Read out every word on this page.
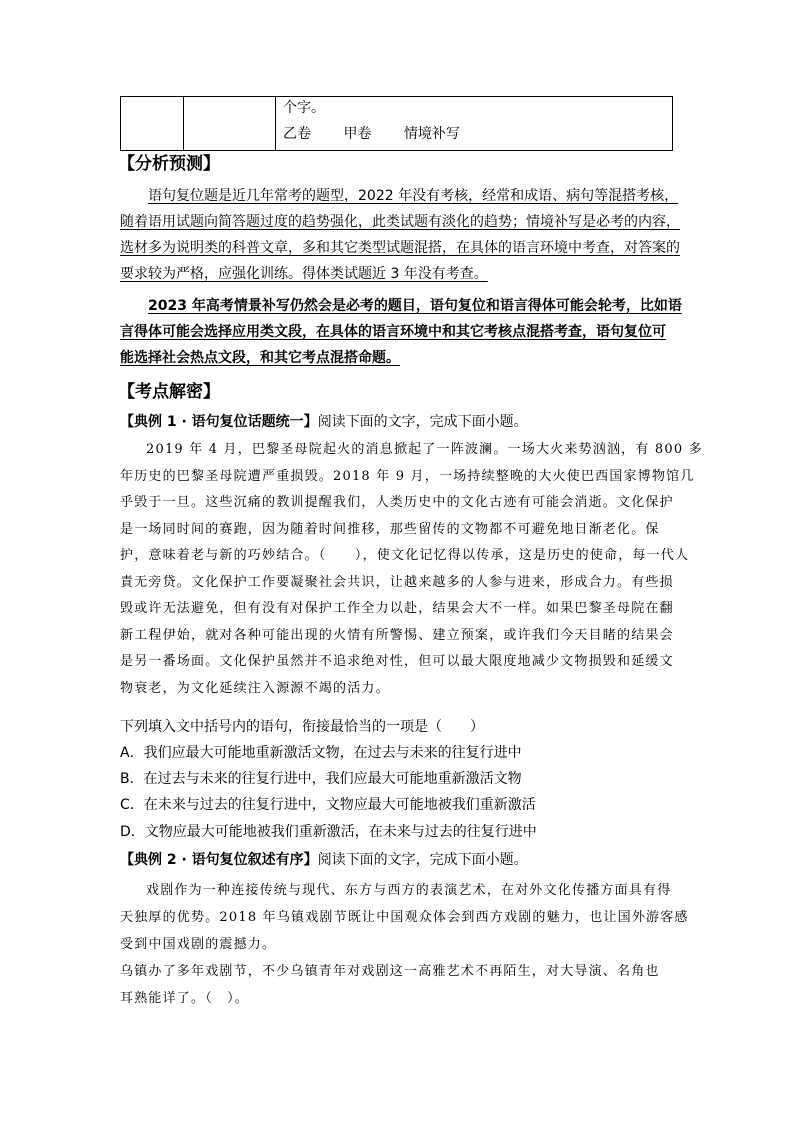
个字。
乙卷 甲卷 情境补写
【分析预测】
语句复位题是近几年常考的题型，2022 年没有考核，经常和成语、病句等混搭考核，
随着语用试题向简答题过度的趋势强化，此类试题有淡化的趋势；情境补写是必考的内容，
选材多为说明类的科普文章，多和其它类型试题混搭，在具体的语言环境中考查，对答案的
要求较为严格，应强化训练。得体类试题近 3 年没有考查。
2023 年高考情景补写仍然会是必考的题目，语句复位和语言得体可能会轮考，比如语
言得体可能会选择应用类文段，在具体的语言环境中和其它考核点混搭考查，语句复位可
能选择社会热点文段，和其它考点混搭命题。
【考点解密】
【典例 1 · 语句复位话题统一】阅读下面的文字，完成下面小题。
2019 年 4 月，巴黎圣母院起火的消息掀起了一阵波澜。一场大火来势汹汹，有 800 多
年历史的巴黎圣母院遭严重损毁。2018 年 9 月，一场持续整晚的大火使巴西国家博物馆几
乎毁于一旦。这些沉痛的教训提醒我们，人类历史中的文化古迹有可能会消逝。文化保护
是一场同时间的赛跑，因为随着时间推移，那些留传的文物都不可避免地日渐老化。保
护，意味着老与新的巧妙结合。（　　），使文化记忆得以传承，这是历史的使命，每一代人
責无旁贷。文化保护工作要凝聚社会共识，让越来越多的人参与进来，形成合力。有些损
毁或许无法避免，但有没有对保护工作全力以赴，结果会大不一样。如果巴黎圣母院在翻
新工程伊始，就对各种可能出现的火情有所警惕、建立预案，或许我们今天目睹的结果会
是另一番场面。文化保护虽然并不追求绝对性，但可以最大限度地减少文物损毁和延缓文
物衰老，为文化延续注入源源不竭的活力。
下列填入文中括号内的语句，衔接最恰当的一项是（　　）
A．我们应最大可能地重新激活文物，在过去与未来的往复行进中
B．在过去与未来的往复行进中，我们应最大可能地重新激活文物
C．在未来与过去的往复行进中，文物应最大可能地被我们重新激活
D．文物应最大可能地被我们重新激活，在未来与过去的往复行进中
【典例 2 · 语句复位叙述有序】阅读下面的文字，完成下面小题。
戏剧作为一种连接传统与现代、东方与西方的表演艺术，在对外文化传播方面具有得
天独厚的优势。2018 年乌镇戏剧节既让中国观众体会到西方戏剧的魅力，也让国外游客感
受到中国戏剧的震撼力。
乌镇办了多年戏剧节，不少乌镇青年对戏剧这一高雅艺术不再陌生，对大导演、名角也
耳熟能详了。（　）。
